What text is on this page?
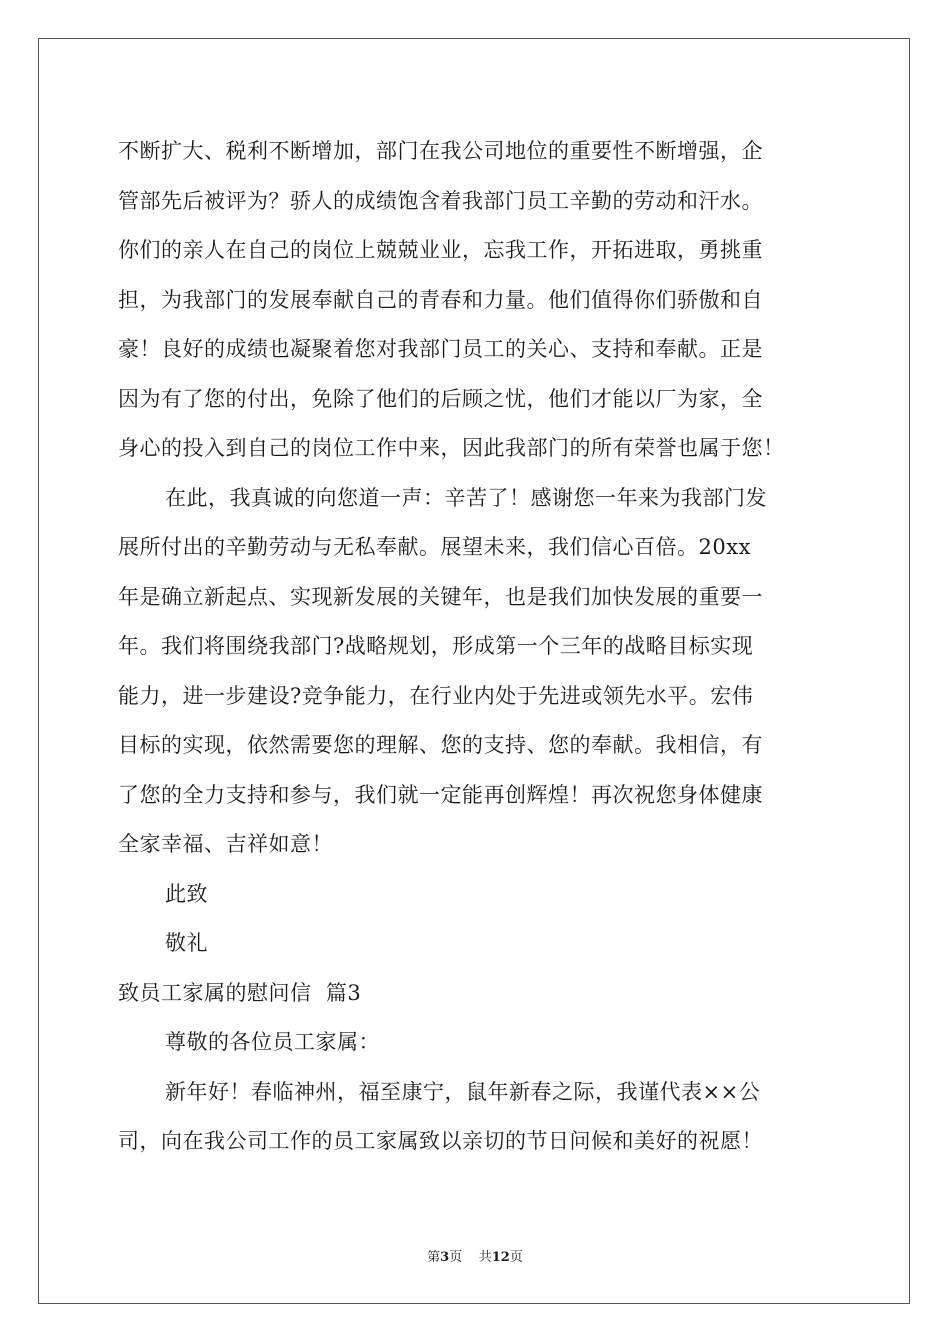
不断扩大、税利不断增加，部门在我公司地位的重要性不断增强，企
管部先后被评为？骄人的成绩饱含着我部门员工辛勤的劳动和汗水。
你们的亲人在自己的岗位上兢兢业业，忘我工作，开拓进取，勇挑重
担，为我部门的发展奉献自己的青春和力量。他们值得你们骄傲和自
豪！良好的成绩也凝聚着您对我部门员工的关心、支持和奉献。正是
因为有了您的付出，免除了他们的后顾之忧，他们才能以厂为家，全
身心的投入到自己的岗位工作中来，因此我部门的所有荣誉也属于您！
在此，我真诚的向您道一声：辛苦了！感谢您一年来为我部门发
展所付出的辛勤劳动与无私奉献。展望未来，我们信心百倍。20xx
年是确立新起点、实现新发展的关键年，也是我们加快发展的重要一
年。我们将围绕我部门?战略规划，形成第一个三年的战略目标实现
能力，进一步建设?竞争能力，在行业内处于先进或领先水平。宏伟
目标的实现，依然需要您的理解、您的支持、您的奉献。我相信，有
了您的全力支持和参与，我们就一定能再创辉煌！再次祝您身体健康
全家幸福、吉祥如意！
此致
敬礼
致员工家属的慰问信  篇3
尊敬的各位员工家属：
新年好！春临神州，福至康宁，鼠年新春之际，我谨代表××公
司，向在我公司工作的员工家属致以亲切的节日问候和美好的祝愿！
第3页    共12页
